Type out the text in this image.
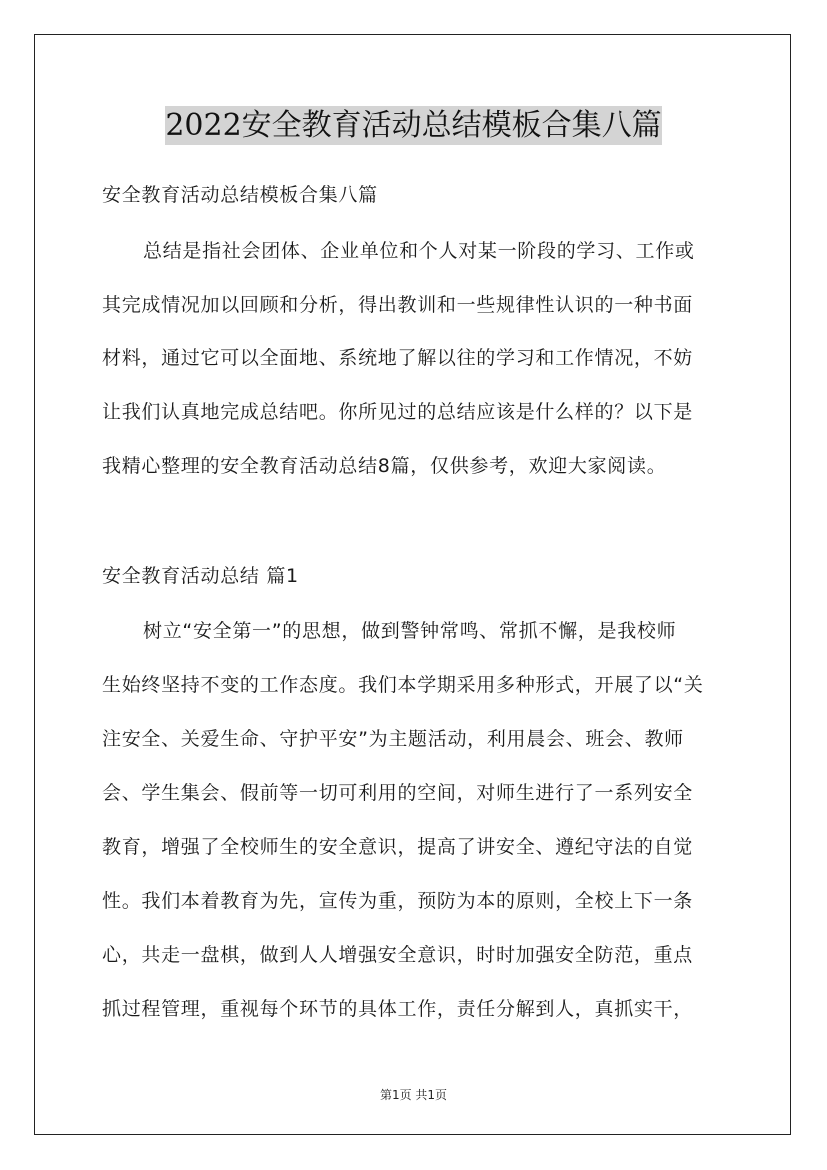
2022安全教育活动总结模板合集八篇
安全教育活动总结模板合集八篇
总结是指社会团体、企业单位和个人对某一阶段的学习、工作或
其完成情况加以回顾和分析，得出教训和一些规律性认识的一种书面
材料，通过它可以全面地、系统地了解以往的学习和工作情况，不妨
让我们认真地完成总结吧。你所见过的总结应该是什么样的？以下是
我精心整理的安全教育活动总结8篇，仅供参考，欢迎大家阅读。
安全教育活动总结 篇1
树立“安全第一”的思想，做到警钟常鸣、常抓不懈，是我校师
生始终坚持不变的工作态度。我们本学期采用多种形式，开展了以“关
注安全、关爱生命、守护平安”为主题活动，利用晨会、班会、教师
会、学生集会、假前等一切可利用的空间，对师生进行了一系列安全
教育，增强了全校师生的安全意识，提高了讲安全、遵纪守法的自觉
性。我们本着教育为先，宣传为重，预防为本的原则，全校上下一条
心，共走一盘棋，做到人人增强安全意识，时时加强安全防范，重点
抓过程管理，重视每个环节的具体工作，责任分解到人，真抓实干，
第1页 共1页
